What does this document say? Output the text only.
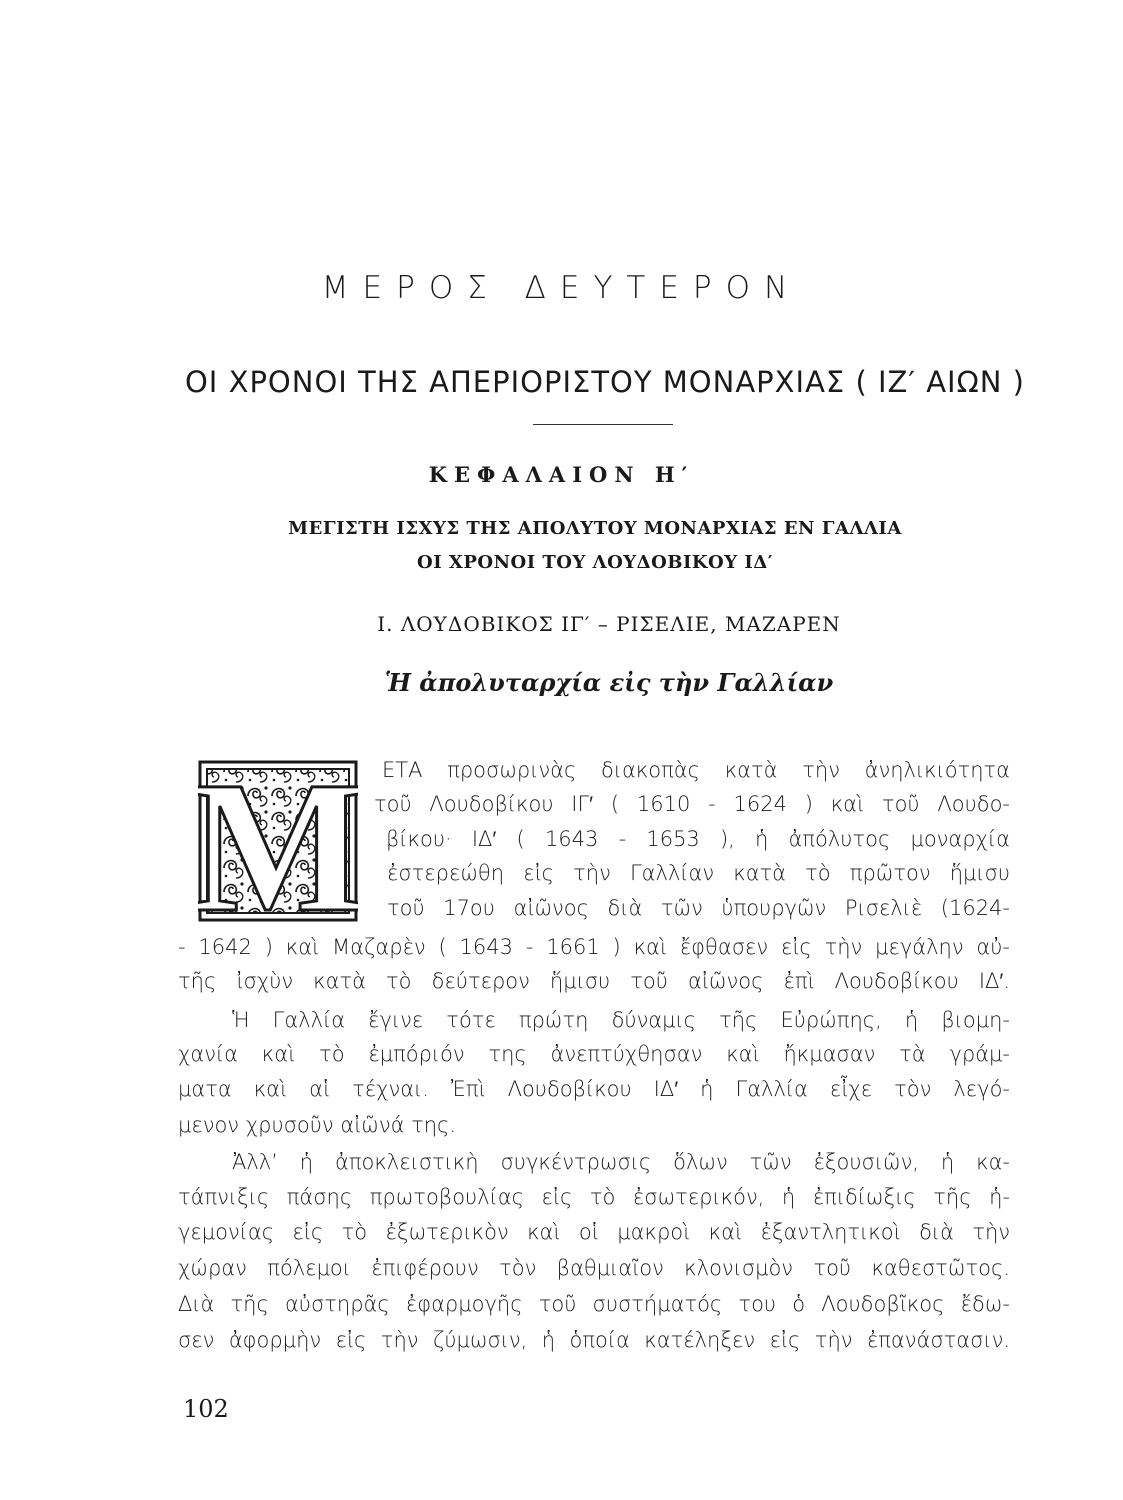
ΜΕΡΟΣ ΔΕΥΤΕΡΟΝ
ΟΙ ΧΡΟΝΟΙ ΤΗΣ ΑΠΕΡΙΟΡΙΣΤΟΥ ΜΟΝΑΡΧΙΑΣ ( ΙΖ′ ΑΙΩΝ )
ΚΕΦΑΛΑΙΟΝ Η′
ΜΕΓΙΣΤΗ ΙΣΧΥΣ ΤΗΣ ΑΠΟΛΥΤΟΥ ΜΟΝΑΡΧΙΑΣ ΕΝ ΓΑΛΛΙΑ
ΟΙ ΧΡΟΝΟΙ ΤΟΥ ΛΟΥΔΟΒΙΚΟΥ ΙΔ′
Ι. ΛΟΥΔΟΒΙΚΟΣ ΙΓ′ – ΡΙΣΕΛΙΕ, ΜΑΖΑΡΕΝ
Ἡ ἀπολυταρχία εἰς τὴν Γαλλίαν
Μ ΕΤΑ προσωρινὰς διακοπὰς κατὰ τὴν ἀνηλικιότητα
τοῦ Λουδοβίκου ΙΓ′ ( 1610 - 1624 ) καὶ τοῦ Λουδο-
βίκου· ΙΔ′ ( 1643 - 1653 ), ἡ ἀπόλυτος μοναρχία
ἐστερεώθη εἰς τὴν Γαλλίαν κατὰ τὸ πρῶτον ἥμισυ
τοῦ 17ου αἰῶνος διὰ τῶν ὑπουργῶν Ρισελιὲ (1624-
- 1642 ) καὶ Μαζαρὲν ( 1643 - 1661 ) καὶ ἔφθασεν εἰς τὴν μεγάλην αὐ-
τῆς ἰσχὺν κατὰ τὸ δεύτερον ἥμισυ τοῦ αἰῶνος ἐπὶ Λουδοβίκου ΙΔ′.
Ἡ Γαλλία ἔγινε τότε πρώτη δύναμις τῆς Εὐρώπης, ἡ βιομη-
χανία καὶ τὸ ἐμπόριόν της ἀνεπτύχθησαν καὶ ἤκμασαν τὰ γράμ-
ματα καὶ αἱ τέχναι. Ἐπὶ Λουδοβίκου ΙΔ′ ἡ Γαλλία εἶχε τὸν λεγό-
μενον χρυσοῦν αἰῶνά της.
Ἀλλ’ ἡ ἀποκλειστικὴ συγκέντρωσις ὅλων τῶν ἐξουσιῶν, ἡ κα-
τάπνιξις πάσης πρωτοβουλίας εἰς τὸ ἐσωτερικόν, ἡ ἐπιδίωξις τῆς ἡ-
γεμονίας εἰς τὸ ἐξωτερικὸν καὶ οἱ μακροὶ καὶ ἐξαντλητικοὶ διὰ τὴν
χώραν πόλεμοι ἐπιφέρουν τὸν βαθμιαῖον κλονισμὸν τοῦ καθεστῶτος.
Διὰ τῆς αὐστηρᾶς ἐφαρμογῆς τοῦ συστήματός του ὁ Λουδοβῖκος ἔδω-
σεν ἀφορμὴν εἰς τὴν ζύμωσιν, ἡ ὁποία κατέληξεν εἰς τὴν ἐπανάστασιν.
102
